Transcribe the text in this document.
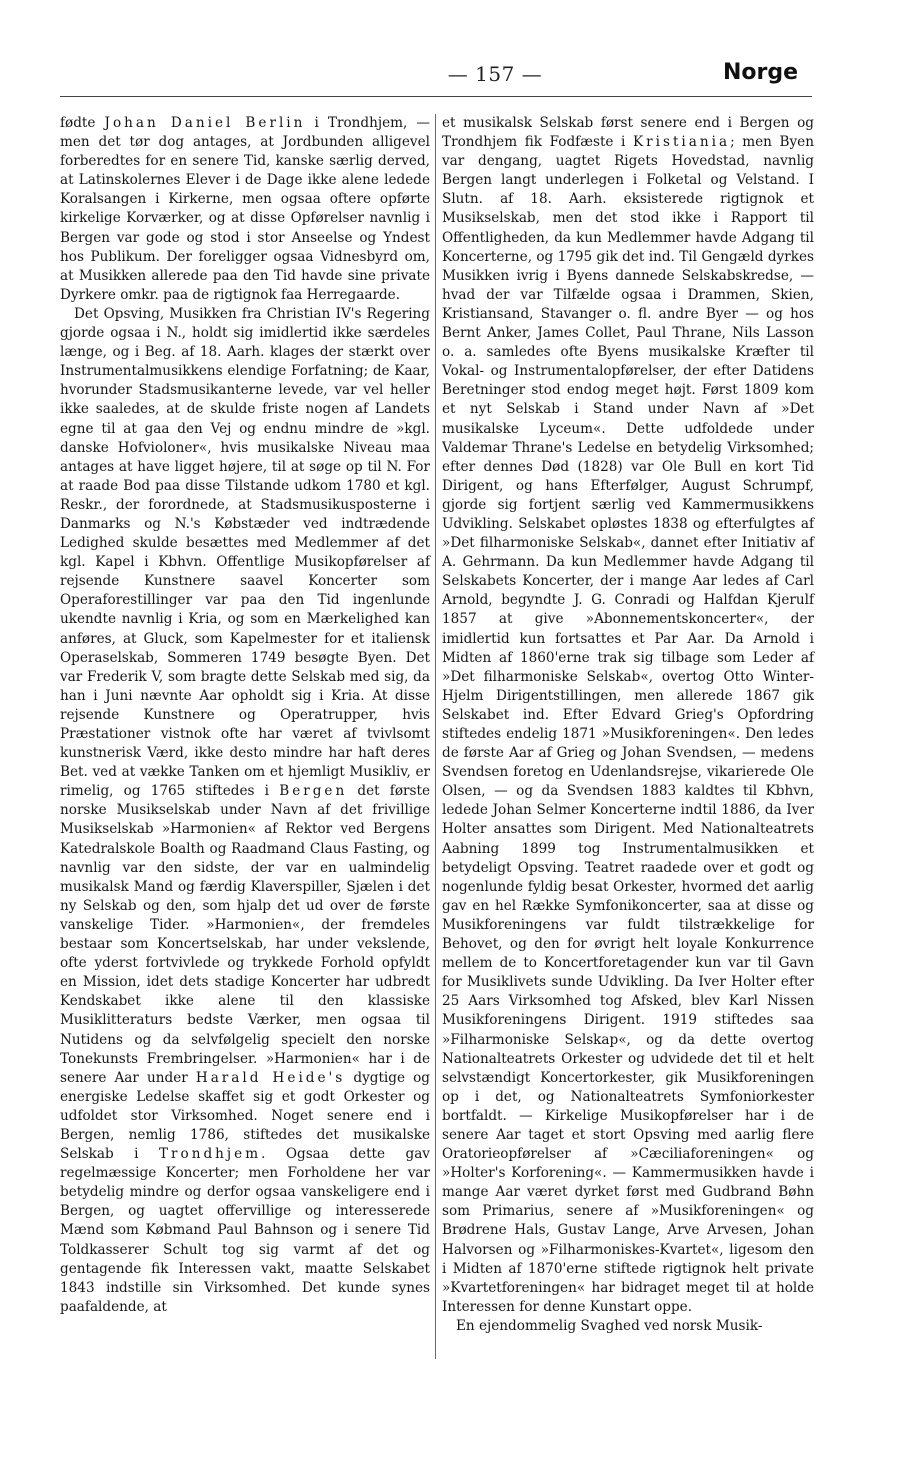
— 157 —	Norge

fødte Johan Daniel Berlin i Trondhjem, — men det tør dog antages, at Jordbunden alligevel forberedtes for en senere Tid, kanske særlig derved, at Latinskolernes Elever i de Dage ikke alene ledede Koralsangen i Kirkerne, men ogsaa oftere opførte kirkelige Korværker, og at disse Opførelser navnlig i Bergen var gode og stod i stor Anseelse og Yndest hos Publikum. Der foreligger ogsaa Vidnesbyrd om, at Musikken allerede paa den Tid havde sine private Dyrkere omkr. paa de rigtignok faa Herregaarde.

Det Opsving, Musikken fra Christian IV's Regering gjorde ogsaa i N., holdt sig imidlertid ikke særdeles længe, og i Beg. af 18. Aarh. klages der stærkt over Instrumentalmusikkens elendige Forfatning; de Kaar, hvorunder Stadsmusikanterne levede, var vel heller ikke saaledes, at de skulde friste nogen af Landets egne til at gaa den Vej og endnu mindre de »kgl. danske Hofvioloner«, hvis musikalske Niveau maa antages at have ligget højere, til at søge op til N. For at raade Bod paa disse Tilstande udkom 1780 et kgl. Reskr., der forordnede, at Stadsmusikusposterne i Danmarks og N.'s Købstæder ved indtrædende Ledighed skulde besættes med Medlemmer af det kgl. Kapel i Kbhvn. Offentlige Musikopførelser af rejsende Kunstnere saavel Koncerter som Operaforestillinger var paa den Tid ingenlunde ukendte navnlig i Kria, og som en Mærkelighed kan anføres, at Gluck, som Kapelmester for et italiensk Operaselskab, Sommeren 1749 besøgte Byen. Det var Frederik V, som bragte dette Selskab med sig, da han i Juni nævnte Aar opholdt sig i Kria. At disse rejsende Kunstnere og Operatrupper, hvis Præstationer vistnok ofte har været af tvivlsomt kunstnerisk Værd, ikke desto mindre har haft deres Bet. ved at vække Tanken om et hjemligt Musikliv, er rimelig, og 1765 stiftedes i Bergen det første norske Musikselskab under Navn af det frivillige Musikselskab »Harmonien« af Rektor ved Bergens Katedralskole Boalth og Raadmand Claus Fasting, og navnlig var den sidste, der var en ualmindelig musikalsk Mand og færdig Klaverspiller, Sjælen i det ny Selskab og den, som hjalp det ud over de første vanskelige Tider. »Harmonien«, der fremdeles bestaar som Koncertselskab, har under vekslende, ofte yderst fortvivlede og trykkede Forhold opfyldt en Mission, idet dets stadige Koncerter har udbredt Kendskabet ikke alene til den klassiske Musiklitteraturs bedste Værker, men ogsaa til Nutidens og da selvfølgelig specielt den norske Tonekunsts Frembringelser. »Harmonien« har i de senere Aar under Harald Heide's dygtige og energiske Ledelse skaffet sig et godt Orkester og udfoldet stor Virksomhed. Noget senere end i Bergen, nemlig 1786, stiftedes det musikalske Selskab i Trondhjem. Ogsaa dette gav regelmæssige Koncerter; men Forholdene her var betydelig mindre og derfor ogsaa vanskeligere end i Bergen, og uagtet offervillige og interesserede Mænd som Købmand Paul Bahnson og i senere Tid Toldkasserer Schult tog sig varmt af det og gentagende fik Interessen vakt, maatte Selskabet 1843 indstille sin Virksomhed. Det kunde synes paafaldende, at

et musikalsk Selskab først senere end i Bergen og Trondhjem fik Fodfæste i Kristiania; men Byen var dengang, uagtet Rigets Hovedstad, navnlig Bergen langt underlegen i Folketal og Velstand. I Slutn. af 18. Aarh. eksisterede rigtignok et Musikselskab, men det stod ikke i Rapport til Offentligheden, da kun Medlemmer havde Adgang til Koncerterne, og 1795 gik det ind. Til Gengæld dyrkes Musikken ivrig i Byens dannede Selskabskredse, — hvad der var Tilfælde ogsaa i Drammen, Skien, Kristiansand, Stavanger o. fl. andre Byer — og hos Bernt Anker, James Collet, Paul Thrane, Nils Lasson o. a. samledes ofte Byens musikalske Kræfter til Vokal- og Instrumentalopførelser, der efter Datidens Beretninger stod endog meget højt. Først 1809 kom et nyt Selskab i Stand under Navn af »Det musikalske Lyceum«. Dette udfoldede under Valdemar Thrane's Ledelse en betydelig Virksomhed; efter dennes Død (1828) var Ole Bull en kort Tid Dirigent, og hans Efterfølger, August Schrumpf, gjorde sig fortjent særlig ved Kammermusikkens Udvikling. Selskabet opløstes 1838 og efterfulgtes af »Det filharmoniske Selskab«, dannet efter Initiativ af A. Gehrmann. Da kun Medlemmer havde Adgang til Selskabets Koncerter, der i mange Aar ledes af Carl Arnold, begyndte J. G. Conradi og Halfdan Kjerulf 1857 at give »Abonnementskoncerter«, der imidlertid kun fortsattes et Par Aar. Da Arnold i Midten af 1860'erne trak sig tilbage som Leder af »Det filharmoniske Selskab«, overtog Otto Winter-Hjelm Dirigentstillingen, men allerede 1867 gik Selskabet ind. Efter Edvard Grieg's Opfordring stiftedes endelig 1871 »Musikforeningen«. Den ledes de første Aar af Grieg og Johan Svendsen, — medens Svendsen foretog en Udenlandsrejse, vikarierede Ole Olsen, — og da Svendsen 1883 kaldtes til Kbhvn, ledede Johan Selmer Koncerterne indtil 1886, da Iver Holter ansattes som Dirigent. Med Nationalteatrets Aabning 1899 tog Instrumentalmusikken et betydeligt Opsving. Teatret raadede over et godt og nogenlunde fyldig besat Orkester, hvormed det aarlig gav en hel Række Symfonikoncerter, saa at disse og Musikforeningens var fuldt tilstrækkelige for Behovet, og den for øvrigt helt loyale Konkurrence mellem de to Koncertforetagender kun var til Gavn for Musiklivets sunde Udvikling. Da Iver Holter efter 25 Aars Virksomhed tog Afsked, blev Karl Nissen Musikforeningens Dirigent. 1919 stiftedes saa »Filharmoniske Selskap«, og da dette overtog Nationalteatrets Orkester og udvidede det til et helt selvstændigt Koncertorkester, gik Musikforeningen op i det, og Nationalteatrets Symfoniorkester bortfaldt. — Kirkelige Musikopførelser har i de senere Aar taget et stort Opsving med aarlig flere Oratorieopførelser af »Cæciliaforeningen« og »Holter's Korforening«. — Kammermusikken havde i mange Aar været dyrket først med Gudbrand Bøhn som Primarius, senere af »Musikforeningen« og Brødrene Hals, Gustav Lange, Arve Arvesen, Johan Halvorsen og »Filharmoniskes-Kvartet«, ligesom den i Midten af 1870'erne stiftede rigtignok helt private »Kvartetforeningen« har bidraget meget til at holde Interessen for denne Kunstart oppe.

En ejendommelig Svaghed ved norsk Musik-
